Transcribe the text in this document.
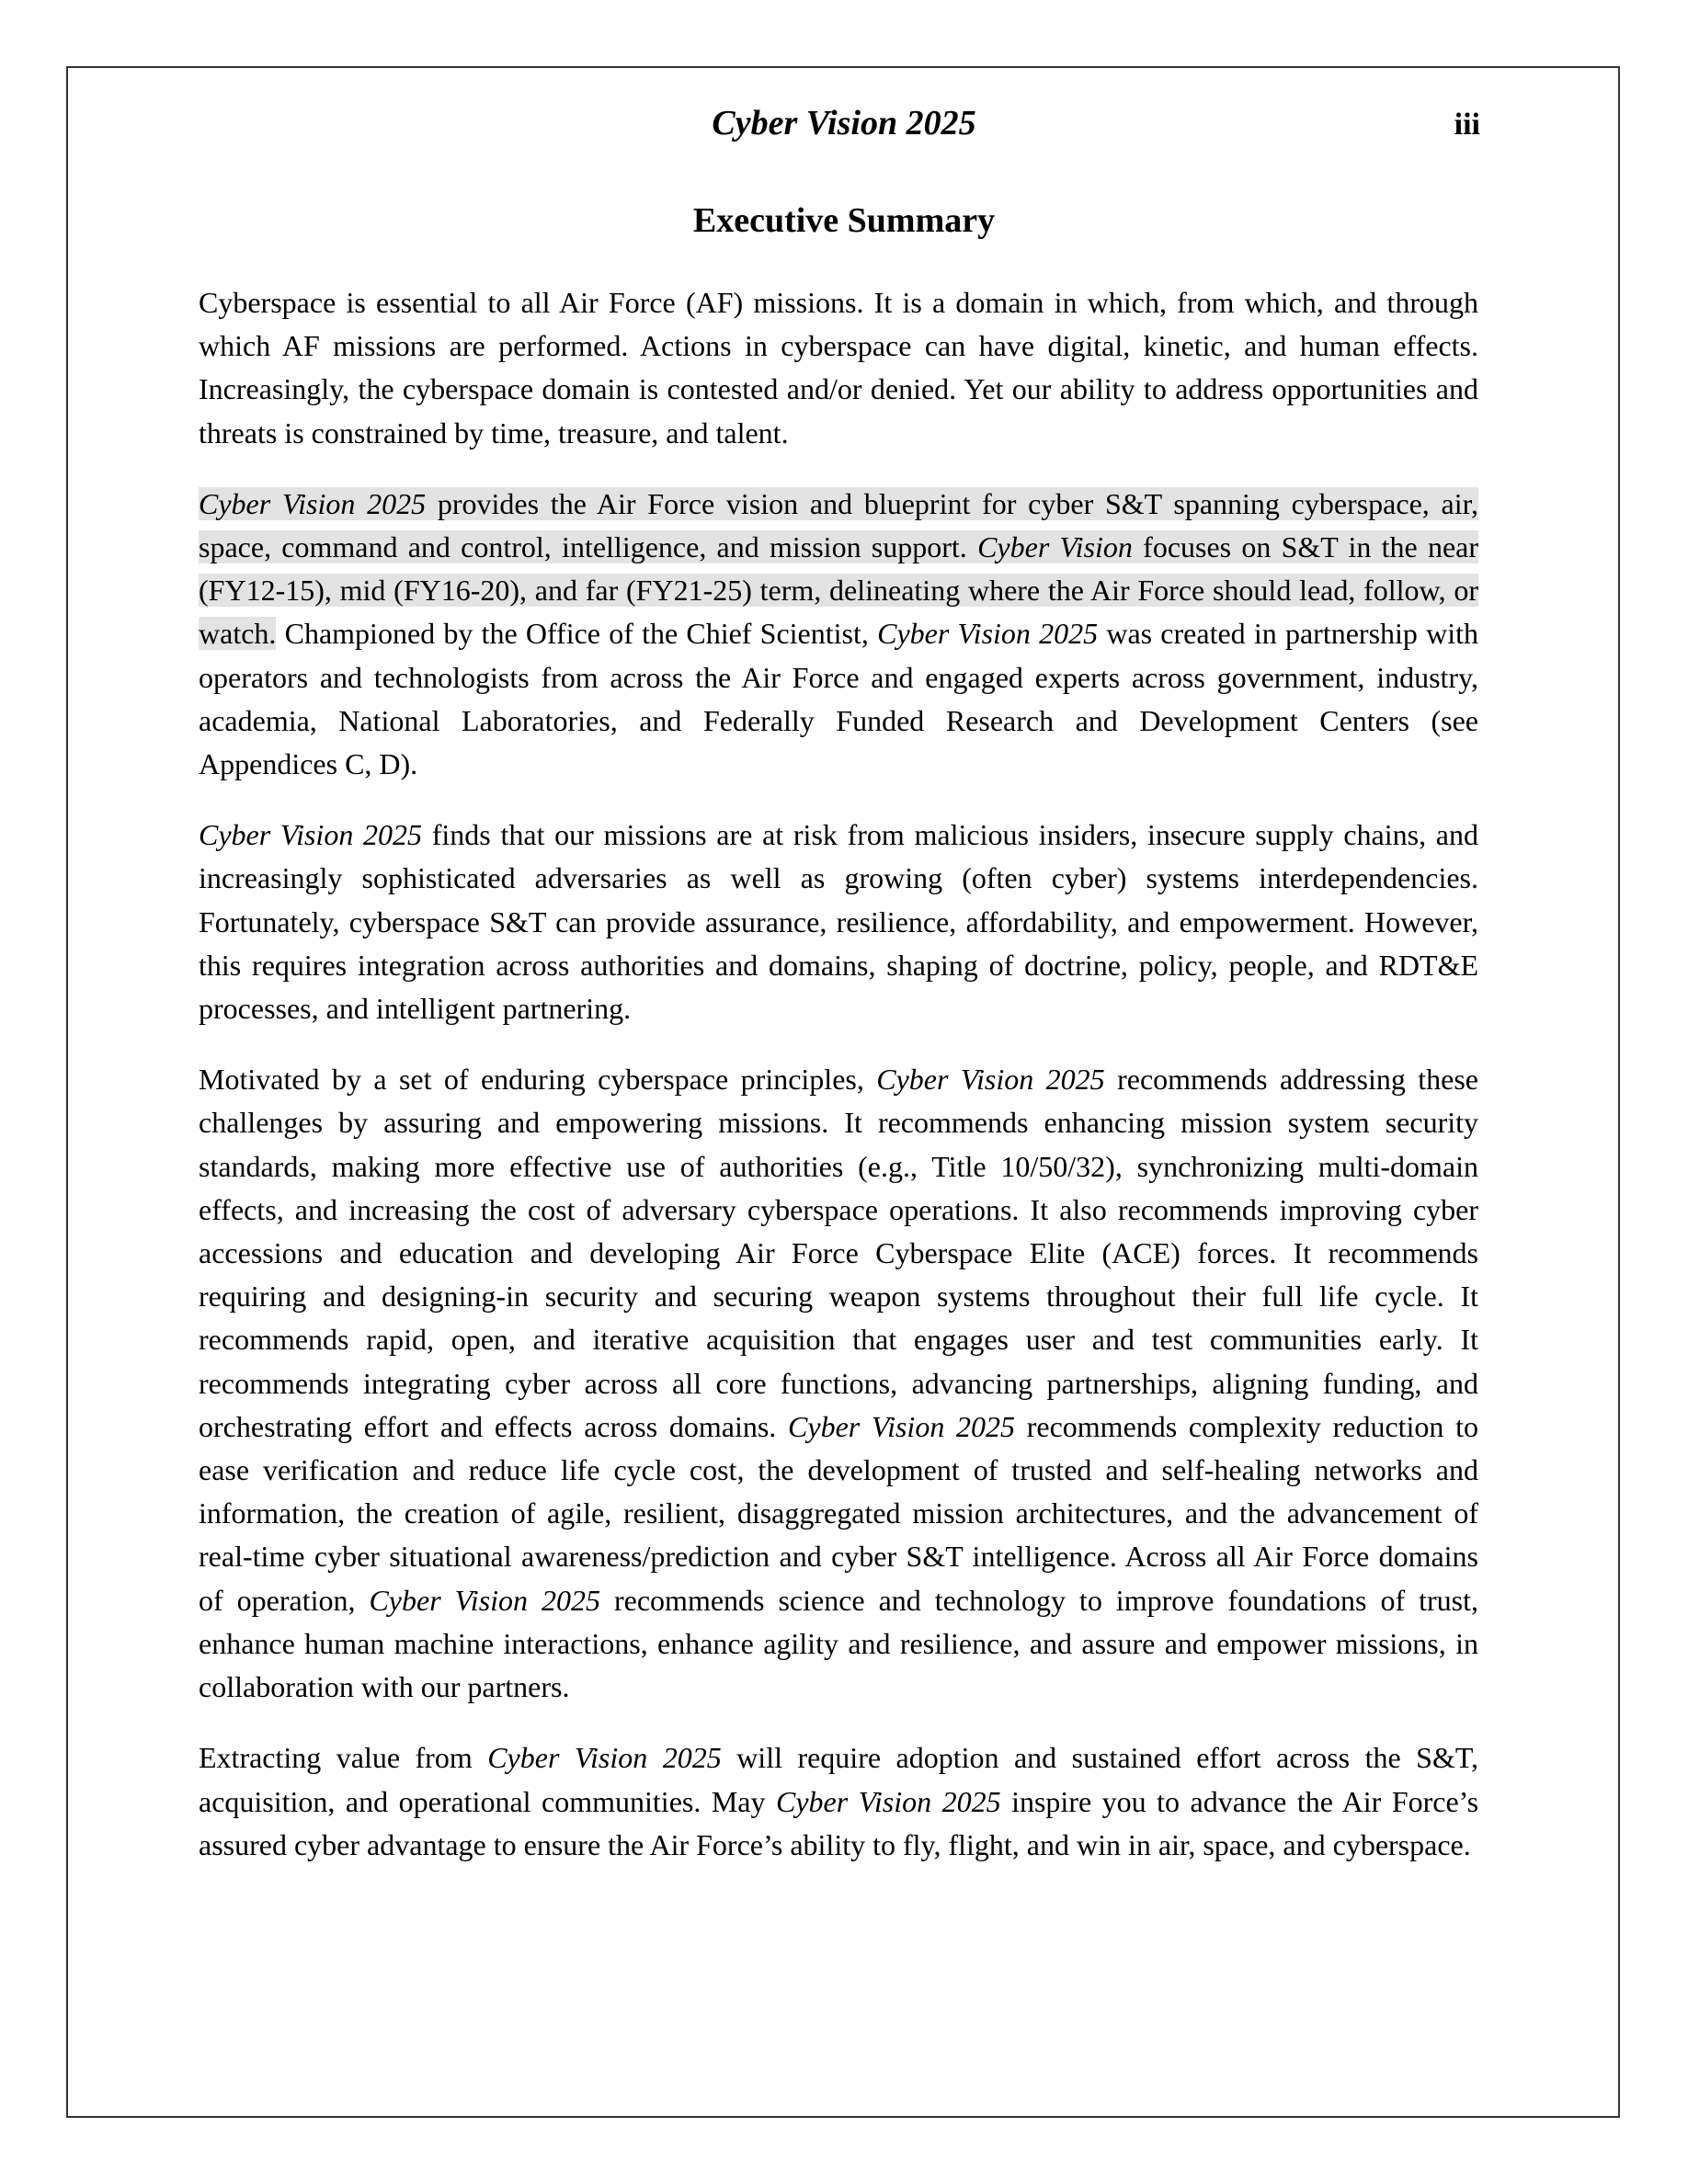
Cyber Vision 2025	iii
Executive Summary

Cyberspace is essential to all Air Force (AF) missions. It is a domain in which, from which, and through which AF missions are performed. Actions in cyberspace can have digital, kinetic, and human effects. Increasingly, the cyberspace domain is contested and/or denied. Yet our ability to address opportunities and threats is constrained by time, treasure, and talent.

Cyber Vision 2025 provides the Air Force vision and blueprint for cyber S&T spanning cyberspace, air, space, command and control, intelligence, and mission support. Cyber Vision focuses on S&T in the near (FY12-15), mid (FY16-20), and far (FY21-25) term, delineating where the Air Force should lead, follow, or watch. Championed by the Office of the Chief Scientist, Cyber Vision 2025 was created in partnership with operators and technologists from across the Air Force and engaged experts across government, industry, academia, National Laboratories, and Federally Funded Research and Development Centers (see Appendices C, D).

Cyber Vision 2025 finds that our missions are at risk from malicious insiders, insecure supply chains, and increasingly sophisticated adversaries as well as growing (often cyber) systems interdependencies. Fortunately, cyberspace S&T can provide assurance, resilience, affordability, and empowerment. However, this requires integration across authorities and domains, shaping of doctrine, policy, people, and RDT&E processes, and intelligent partnering.

Motivated by a set of enduring cyberspace principles, Cyber Vision 2025 recommends addressing these challenges by assuring and empowering missions. It recommends enhancing mission system security standards, making more effective use of authorities (e.g., Title 10/50/32), synchronizing multi-domain effects, and increasing the cost of adversary cyberspace operations. It also recommends improving cyber accessions and education and developing Air Force Cyberspace Elite (ACE) forces. It recommends requiring and designing-in security and securing weapon systems throughout their full life cycle. It recommends rapid, open, and iterative acquisition that engages user and test communities early. It recommends integrating cyber across all core functions, advancing partnerships, aligning funding, and orchestrating effort and effects across domains. Cyber Vision 2025 recommends complexity reduction to ease verification and reduce life cycle cost, the development of trusted and self-healing networks and information, the creation of agile, resilient, disaggregated mission architectures, and the advancement of real-time cyber situational awareness/prediction and cyber S&T intelligence. Across all Air Force domains of operation, Cyber Vision 2025 recommends science and technology to improve foundations of trust, enhance human machine interactions, enhance agility and resilience, and assure and empower missions, in collaboration with our partners.

Extracting value from Cyber Vision 2025 will require adoption and sustained effort across the S&T, acquisition, and operational communities. May Cyber Vision 2025 inspire you to advance the Air Force’s assured cyber advantage to ensure the Air Force’s ability to fly, flight, and win in air, space, and cyberspace.
